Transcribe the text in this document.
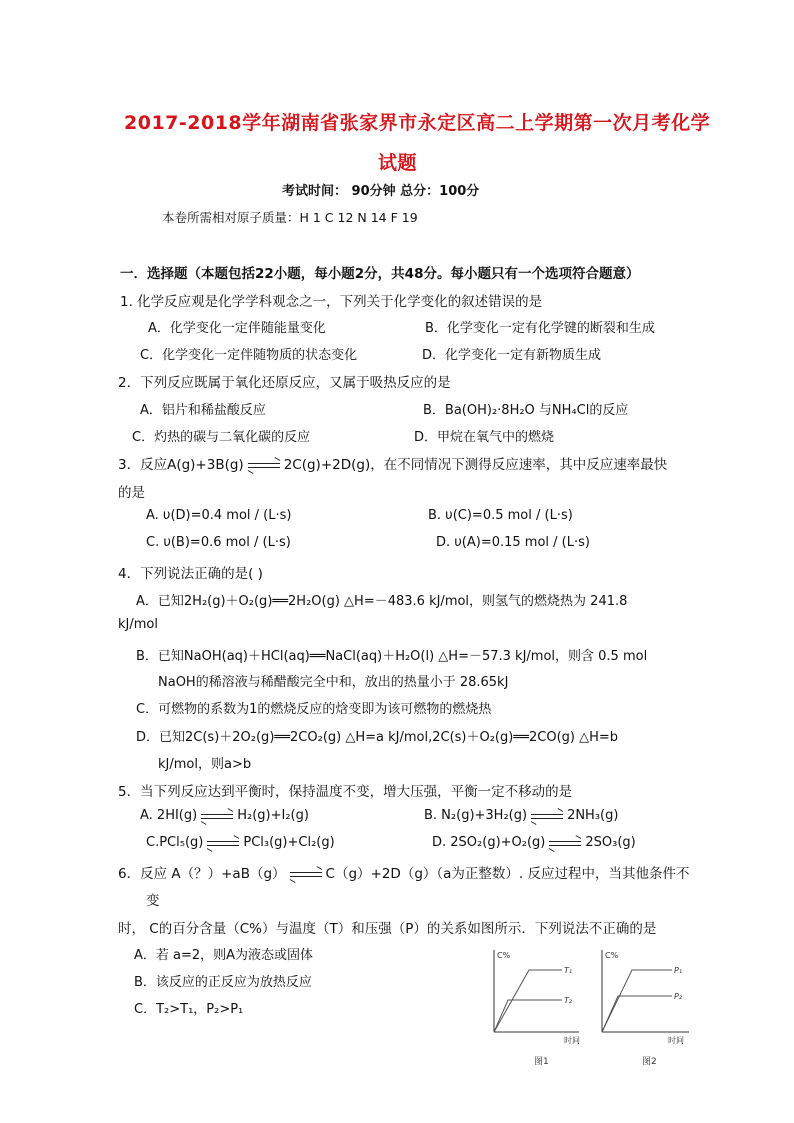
2017-2018学年湖南省张家界市永定区高二上学期第一次月考化学
试题
考试时间： 90分钟 总分：100分
本卷所需相对原子质量：H 1 C 12 N 14 F 19
一．选择题（本题包括22小题，每小题2分，共48分。每小题只有一个选项符合题意）
1. 化学反应观是化学学科观念之一，下列关于化学变化的叙述错误的是
A．化学变化一定伴随能量变化	B．化学变化一定有化学键的断裂和生成
C．化学变化一定伴随物质的状态变化	D．化学变化一定有新物质生成
2．下列反应既属于氧化还原反应，又属于吸热反应的是
A．铝片和稀盐酸反应	B．Ba(OH)₂·8H₂O 与NH₄Cl的反应
C．灼热的碳与二氧化碳的反应	D．甲烷在氧气中的燃烧
3．反应A(g)+3B(g)	2C(g)+2D(g)，在不同情况下测得反应速率，其中反应速率最快
的是
A. υ(D)=0.4 mol / (L·s)	B. υ(C)=0.5 mol / (L·s)
C. υ(B)=0.6 mol / (L·s)	D. υ(A)=0.15 mol / (L·s)
4．下列说法正确的是( )
A．已知2H₂(g)＋O₂(g)══2H₂O(g) △H=－483.6 kJ/mol，则氢气的燃烧热为 241.8
kJ/mol
B．已知NaOH(aq)＋HCl(aq)══NaCl(aq)＋H₂O(l) △H=－57.3 kJ/mol，则含 0.5 mol
NaOH的稀溶液与稀醋酸完全中和，放出的热量小于 28.65kJ
C．可燃物的系数为1的燃烧反应的焓变即为该可燃物的燃烧热
D．已知2C(s)＋2O₂(g)══2CO₂(g) △H=a kJ/mol,2C(s)＋O₂(g)══2CO(g) △H=b
kJ/mol，则a>b
5．当下列反应达到平衡时，保持温度不变，增大压强，平衡一定不移动的是
A. 2HI(g)	H₂(g)+I₂(g)	B. N₂(g)+3H₂(g)	2NH₃(g)
C.PCl₅(g)	PCl₃(g)+Cl₂(g)	D. 2SO₂(g)+O₂(g)	2SO₃(g)
6．反应 A（？）+aB（g）	C（g）+2D（g）（a为正整数）. 反应过程中，当其他条件不
变
时， C的百分含量（C%）与温度（T）和压强（P）的关系如图所示．下列说法不正确的是
A．若 a=2，则A为液态或固体
B．该反应的正反应为放热反应
C．T₂>T₁，P₂>P₁
C%
T₁
T₂
时间
图1
C%
P₁
P₂
时间
图2
